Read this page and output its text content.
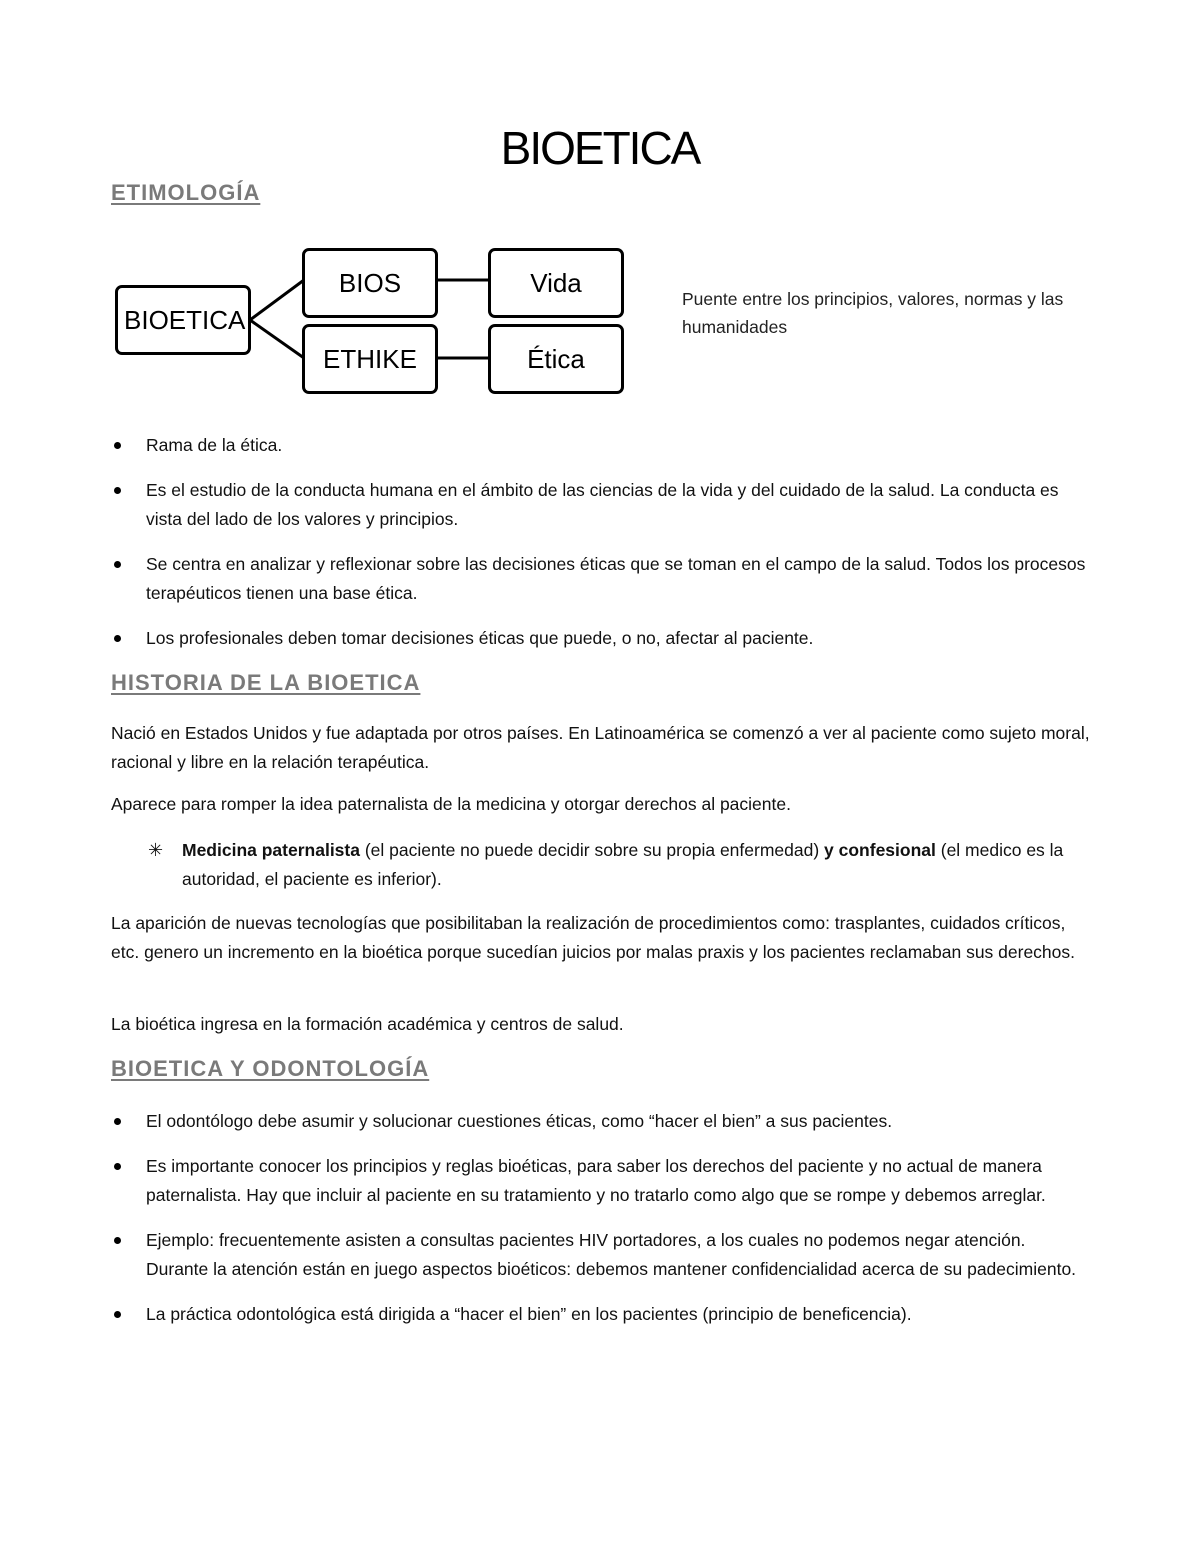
BIOETICA
ETIMOLOGÍA
BIOETICA
BIOS
ETHIKE
Vida
Ética
Puente entre los principios, valores, normas y las humanidades
Rama de la ética.
Es el estudio de la conducta humana en el ámbito de las ciencias de la vida y del cuidado de la salud. La conducta es vista del lado de los valores y principios.
Se centra en analizar y reflexionar sobre las decisiones éticas que se toman en el campo de la salud. Todos los procesos terapéuticos tienen una base ética.
Los profesionales deben tomar decisiones éticas que puede, o no, afectar al paciente.
HISTORIA DE LA BIOETICA

Nació en Estados Unidos y fue adaptada por otros países. En Latinoamérica se comenzó a ver al paciente como sujeto moral, racional y libre en la relación terapéutica.

Aparece para romper la idea paternalista de la medicina y otorgar derechos al paciente.

✳ Medicina paternalista (el paciente no puede decidir sobre su propia enfermedad) y confesional (el medico es la autoridad, el paciente es inferior).

La aparición de nuevas tecnologías que posibilitaban la realización de procedimientos como: trasplantes, cuidados críticos, etc. genero un incremento en la bioética porque sucedían juicios por malas praxis y los pacientes reclamaban sus derechos.

La bioética ingresa en la formación académica y centros de salud.

BIOETICA Y ODONTOLOGÍA
El odontólogo debe asumir y solucionar cuestiones éticas, como “hacer el bien” a sus pacientes.
Es importante conocer los principios y reglas bioéticas, para saber los derechos del paciente y no actual de manera paternalista. Hay que incluir al paciente en su tratamiento y no tratarlo como algo que se rompe y debemos arreglar.
Ejemplo: frecuentemente asisten a consultas pacientes HIV portadores, a los cuales no podemos negar atención. Durante la atención están en juego aspectos bioéticos: debemos mantener confidencialidad acerca de su padecimiento.
La práctica odontológica está dirigida a “hacer el bien” en los pacientes (principio de beneficencia).
